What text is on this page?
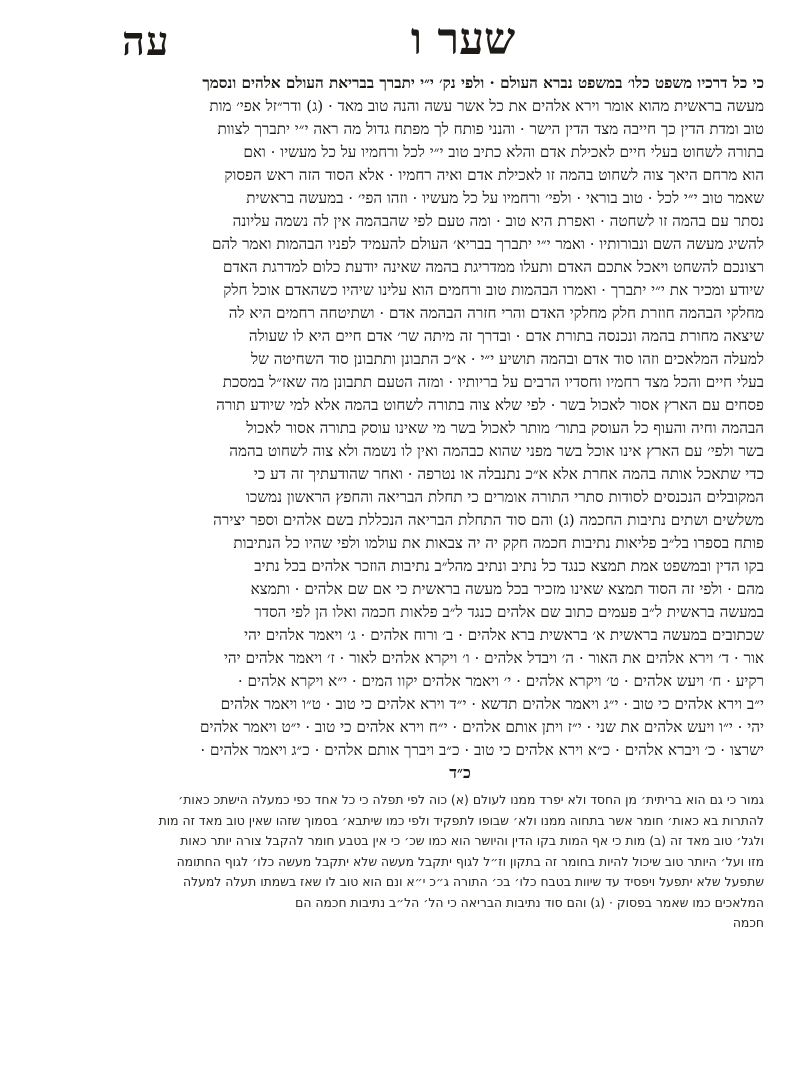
עה	שער ו
כי כל דרכיו משפט כלו׳ במשפט נברא העולם · ולפי נק׳ י״י יתברך בבריאת העולם אלהים ונסמך
מעשה בראשית מהוא אומר וירא אלהים את כל אשר עשה והנה טוב מאד · (ג) ודר״זל אפי׳ מות
טוב ומדת הדין כך חייבה מצד הדין הישר · והנני פותח לך מפתח גדול מה ראה י״י יתברך לצוות
בתורה לשחוט בעלי חיים לאכילת אדם והלא כתיב טוב י״י לכל ורחמיו על כל מעשיו · ואם
הוא מרחם היאך צוה לשחוט בהמה זו לאכילת אדם ואיה רחמיו · אלא הסוד הזה ראש הפסוק
שאמר טוב י״י לכל · טוב בוראי · ולפי׳ ורחמיו על כל מעשיו · וזהו הפי׳ · במעשה בראשית
נסתר עם בהמה זו לשחטה · ואפרת היא טוב · ומה טעם לפי שהבהמה אין לה נשמה עליונה
להשיג מעשה השם ונבורותיו · ואמר י״י יתברך בבריא׳ העולם להעמיד לפניו הבהמות ואמר להם
רצונכם להשחט ויאכל אתכם האדם ותעלו ממדריגת בהמה שאינה יודעת כלום למדרגת האדם
שיודע ומכיר את י״י יתברך · ואמרו הבהמות טוב ורחמים הוא עלינו שיהיו כשהאדם אוכל חלק
מחלקי הבהמה חוזרת חלק מחלקי האדם והרי חזרה הבהמה אדם · ושתיטחה רחמים היא לה
שיצאה מחורת בהמה ונכנסה בתורת אדם · ובדרך זה מיתה שר׳ אדם חיים היא לו שעולה
למעלה המלאכים וזהו סוד אדם ובהמה תושיע י״י · א״כ התבונן ותתבונן סוד השחיטה של
בעלי חיים והכל מצד רחמיו וחסדיו הרבים על בריותיו · ומזה הטעם תתבונן מה שאז״ל במסכת
פסחים עם הארץ אסור לאכול בשר · לפי שלא צוה בתורה לשחוט בהמה אלא למי שיודע תורה
הבהמה וחיה והעוף כל העוסק בתור׳ מותר לאכול בשר מי שאינו עוסק בתורה אסור לאכול
בשר ולפי׳ עם הארץ אינו אוכל בשר מפני שהוא כבהמה ואין לו נשמה ולא צוה לשחוט בהמה
כדי שתאכל אותה בהמה אחרת אלא א״כ נתנבלה או נטרפה · ואחר שהודעתיך זה דע כי
המקובלים הנכנסים לסודות סתרי התורה אומרים כי תחלת הבריאה והחפץ הראשון נמשכו
משלשים ושתים נתיבות החכמה (ג) והם סוד התחלת הבריאה הנכללת בשם אלהים וספר יצירה
פותח בספרו בל״ב פליאות נתיבות חכמה חקק יה יה צבאות את עולמו ולפי שהיו כל הנתיבות
בקו הדין ובמשפט אמת תמצא כנגד כל נתיב ונתיב מהל״ב נתיבות הוזכר אלהים בכל נתיב
מהם · ולפי זה הסוד תמצא שאינו מזכיר בכל מעשה בראשית כי אם שם אלהים · ותמצא
במעשה בראשית ל״ב פעמים כתוב שם אלהים כנגד ל״ב פלאות חכמה ואלו הן לפי הסדר
שכתובים במעשה בראשית א׳ בראשית ברא אלהים · ב׳ ורוח אלהים · ג׳ ויאמר אלהים יהי
אור · ד׳ וירא אלהים את האור · ה׳ ויבדל אלהים · ו׳ ויקרא אלהים לאור · ז׳ ויאמר אלהים יהי
רקיע · ח׳ ויעש אלהים · ט׳ ויקרא אלהים · י׳ ויאמר אלהים יקוו המים · י״א ויקרא אלהים ·
י״ב וירא אלהים כי טוב · י״ג ויאמר אלהים תדשא · י״ד וירא אלהים כי טוב · ט״ו ויאמר אלהים
יהי · י״ו ויעש אלהים את שני · י״ז ויתן אותם אלהים · י״ח וירא אלהים כי טוב · י״ט ויאמר אלהים
ישרצו · כ׳ ויברא אלהים · כ״א וירא אלהים כי טוב · כ״ב ויברך אותם אלהים · כ״ג ויאמר אלהים ·
כ״ד
גמור כי גם הוא בריתית׳ מן החסד ולא יפרד ממנו לעולם (א) כוה לפי תפלה כי כל אחד כפי כמעלה הישתכ כאות׳
להתרות בא כאות׳ חומר אשר בתחוה ממנו ולא׳ שבופו לתפקיד ולפי כמו שיתבא׳ בסמוך שזהו שאין טוב מאד זה מות
ולגל׳ טוב מאד זה (ב) מות כי אף המות בקו הדין והיושר הוא כמו שכ׳ כי אין בטבע חומר להקבל צורה יותר כאות
מזו ועל׳ היותר טוב שיכול להיות בחומר זה בתקון וז״ל לגוף יתקבל מעשה שלא יתקבל מעשה כלו׳ לגוף החתומה
שתפעל שלא יתפעל ויפסיד עד שיוות בטבח כלו׳ בכ׳ התורה ג״כ י״א ונם הוא טוב לו שאז בשמתו תעלה למעלה
המלאכים כמו שאמר בפסוק · (ג) והם סוד נתיבות הבריאה כי הל׳ הל״ב נתיבות חכמה הם
חכמה
